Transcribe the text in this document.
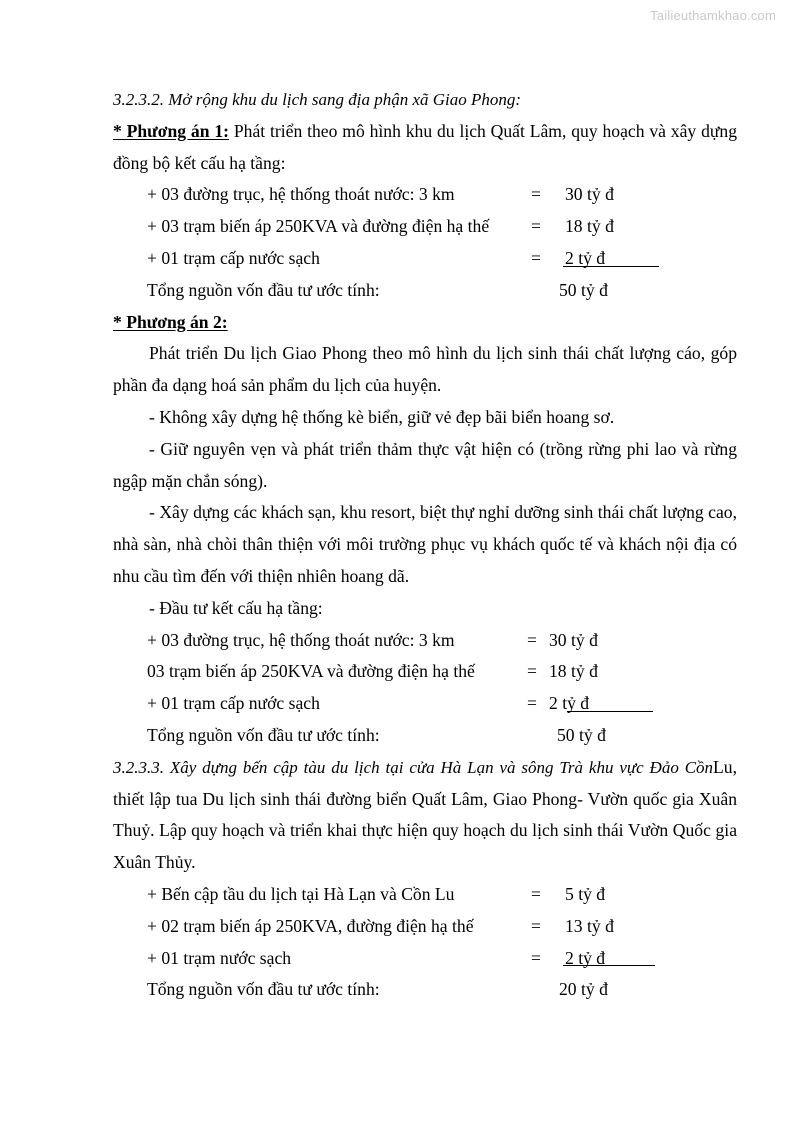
Tailieuthamkhao.com

3.2.3.2. Mở rộng khu du lịch sang địa phận xã Giao Phong:

* Phương án 1: Phát triển theo mô hình khu du lịch Quất Lâm, quy hoạch và xây dựng đồng bộ kết cấu hạ tầng:

+ 03 đường trục, hệ thống thoát nước: 3 km	=	30 tỷ đ
+ 03 trạm biến áp 250KVA và đường điện hạ thế	=	18 tỷ đ
+ 01 trạm cấp nước sạch	=	2 tỷ đ
Tổng nguồn vốn đầu tư ước tính:	50 tỷ đ

* Phương án 2:

Phát triển Du lịch Giao Phong theo mô hình du lịch sinh thái chất lượng cáo, góp phần đa dạng hoá sản phẩm du lịch của huyện.

- Không xây dựng hệ thống kè biển, giữ vẻ đẹp bãi biển hoang sơ.

- Giữ nguyên vẹn và phát triển thảm thực vật hiện có (trồng rừng phi lao và rừng ngập mặn chắn sóng).

- Xây dựng các khách sạn, khu resort, biệt thự nghỉ dưỡng sinh thái chất lượng cao, nhà sàn, nhà chòi thân thiện với môi trường phục vụ khách quốc tế và khách nội địa có nhu cầu tìm đến với thiện nhiên hoang dã.

- Đầu tư kết cấu hạ tầng:

+ 03 đường trục, hệ thống thoát nước: 3 km	= 30 tỷ đ
03 trạm biến áp 250KVA và đường điện hạ thế	= 18 tỷ đ
+ 01 trạm cấp nước sạch	= 2 tỷ đ
Tổng nguồn vốn đầu tư ước tính:	50 tỷ đ

3.2.3.3. Xây dựng bến cập tàu du lịch tại cửa Hà Lạn và sông Trà khu vực Đảo CồnLu, thiết lập tua Du lịch sinh thái đường biển Quất Lâm, Giao Phong- Vườn quốc gia Xuân Thuỷ. Lập quy hoạch và triển khai thực hiện quy hoạch du lịch sinh thái Vườn Quốc gia Xuân Thủy.

+ Bến cập tầu du lịch tại Hà Lạn và Cồn Lu	=	5 tỷ đ
+ 02 trạm biến áp 250KVA, đường điện hạ thế	=	13 tỷ đ
+ 01 trạm nước sạch	=	2 tỷ đ
Tổng nguồn vốn đầu tư ước tính:	20 tỷ đ
